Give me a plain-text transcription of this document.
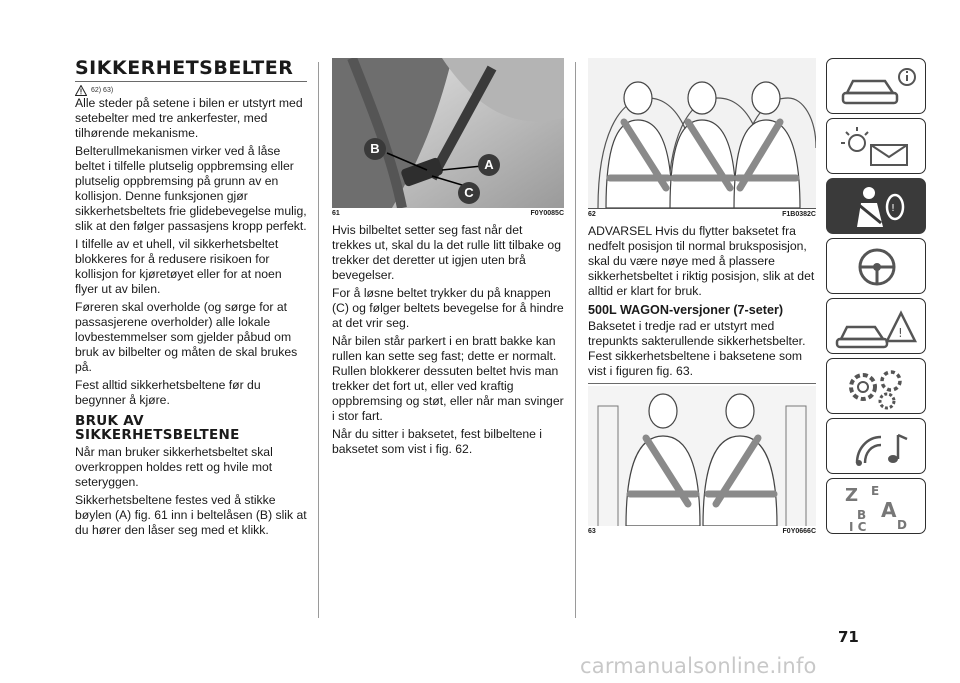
SIKKERHETSBELTER
62) 63)

Alle steder på setene i bilen er utstyrt med setebelter med tre ankerfester, med tilhørende mekanisme.

Belterullmekanismen virker ved å låse beltet i tilfelle plutselig oppbremsing eller plutselig oppbremsing på grunn av en kollisjon. Denne funksjonen gjør sikkerhetsbeltets frie glidebevegelse mulig, slik at den følger passasjens kropp perfekt.

I tilfelle av et uhell, vil sikkerhetsbeltet blokkeres for å redusere risikoen for kollisjon for kjøretøyet eller for at noen flyer ut av bilen.

Føreren skal overholde (og sørge for at passasjerene overholder) alle lokale lovbestemmelser som gjelder påbud om bruk av bilbelter og måten de skal brukes på.

Fest alltid sikkerhetsbeltene før du begynner å kjøre.

BRUK AV SIKKERHETSBELTENE

Når man bruker sikkerhetsbeltet skal overkroppen holdes rett og hvile mot seteryggen.

Sikkerhetsbeltene festes ved å stikke bøylen (A) fig. 61 inn i beltelåsen (B) slik at du hører den låser seg med et klikk.

B
A
C
61	F0Y0085C

Hvis bilbeltet setter seg fast når det trekkes ut, skal du la det rulle litt tilbake og trekker det deretter ut igjen uten brå bevegelser.

For å løsne beltet trykker du på knappen (C) og følger beltets bevegelse for å hindre at det vrir seg.

Når bilen står parkert i en bratt bakke kan rullen kan sette seg fast; dette er normalt. Rullen blokkerer dessuten beltet hvis man trekker det fort ut, eller ved kraftig oppbremsing og støt, eller når man svinger i stor fart.

Når du sitter i baksetet, fest bilbeltene i baksetet som vist i fig. 62.

62	F1B0382C

ADVARSEL Hvis du flytter baksetet fra nedfelt posisjon til normal bruksposisjon, skal du være nøye med å plassere sikkerhetsbeltet i riktig posisjon, slik at det alltid er klart for bruk.

500L WAGON-versjoner (7-seter)

Baksetet i tredje rad er utstyrt med trepunkts sakterullende sikkerhetsbelter. Fest sikkerhetsbeltene i baksetene som vist i figuren fig. 63.

63	F0Y0666C
!
!
Z E
B A
I C	D
71
carmanualsonline.info
